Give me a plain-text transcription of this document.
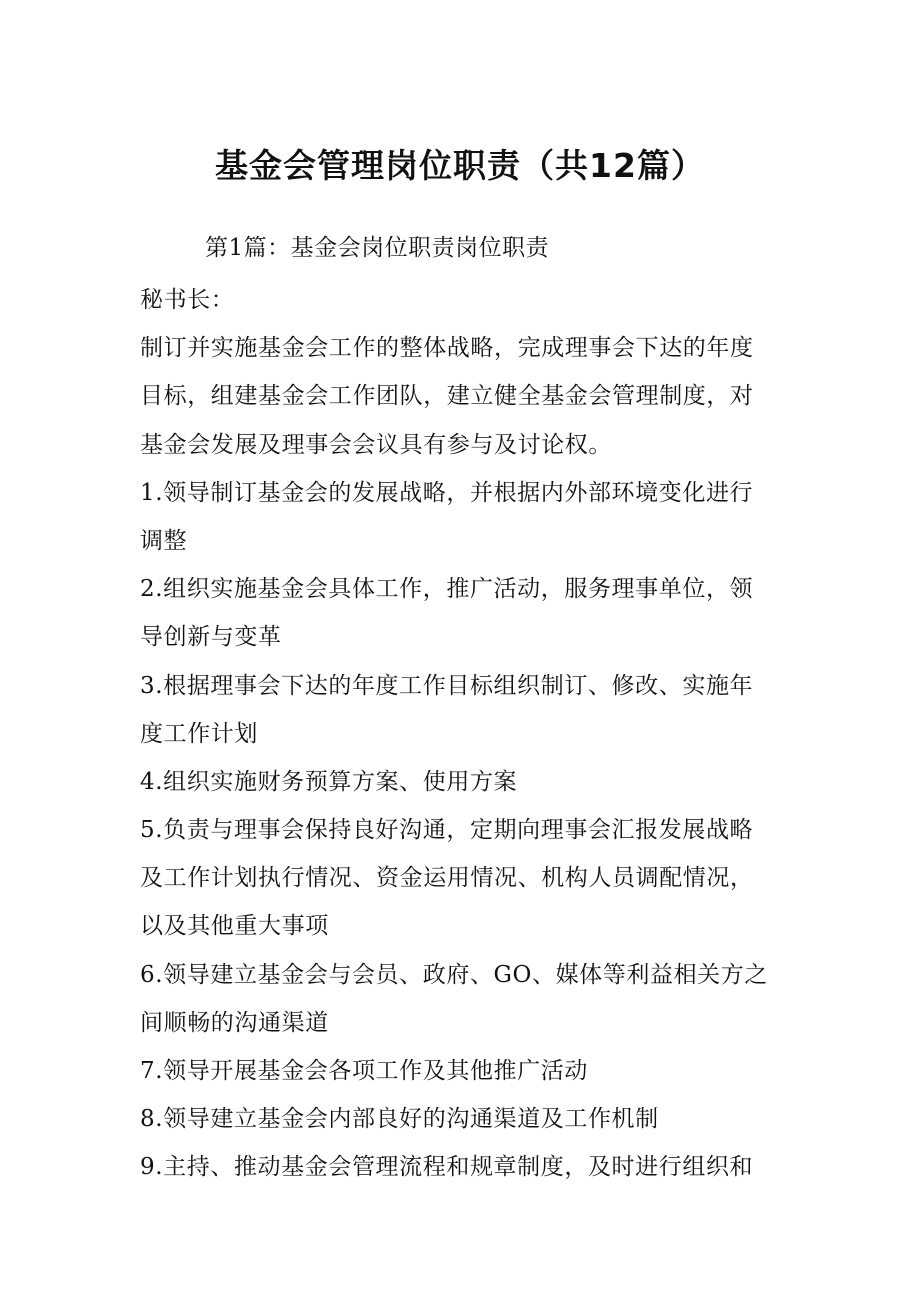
基金会管理岗位职责（共12篇）
第1篇：基金会岗位职责岗位职责
秘书长：
制订并实施基金会工作的整体战略，完成理事会下达的年度
目标，组建基金会工作团队，建立健全基金会管理制度，对
基金会发展及理事会会议具有参与及讨论权。
1.领导制订基金会的发展战略，并根据内外部环境变化进行
调整
2.组织实施基金会具体工作，推广活动，服务理事单位，领
导创新与变革
3.根据理事会下达的年度工作目标组织制订、修改、实施年
度工作计划
4.组织实施财务预算方案、使用方案
5.负责与理事会保持良好沟通，定期向理事会汇报发展战略
及工作计划执行情况、资金运用情况、机构人员调配情况，
以及其他重大事项
6.领导建立基金会与会员、政府、GO、媒体等利益相关方之
间顺畅的沟通渠道
7.领导开展基金会各项工作及其他推广活动
8.领导建立基金会内部良好的沟通渠道及工作机制
9.主持、推动基金会管理流程和规章制度，及时进行组织和
